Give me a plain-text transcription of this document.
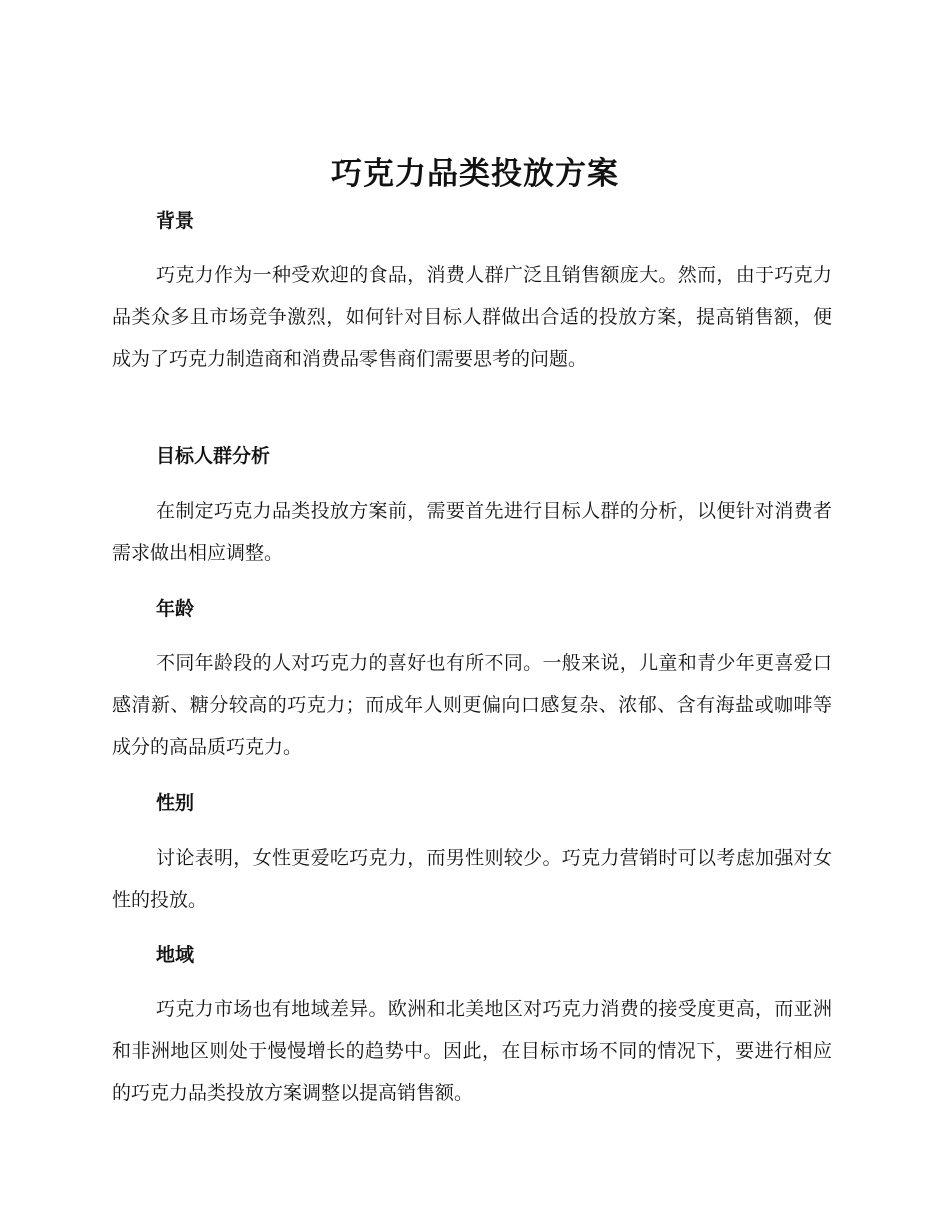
巧克力品类投放方案
背景

巧克力作为一种受欢迎的食品，消费人群广泛且销售额庞大。然而，由于巧克力品类众多且市场竞争激烈，如何针对目标人群做出合适的投放方案，提高销售额，便成为了巧克力制造商和消费品零售商们需要思考的问题。

目标人群分析

在制定巧克力品类投放方案前，需要首先进行目标人群的分析，以便针对消费者需求做出相应调整。

年龄

不同年龄段的人对巧克力的喜好也有所不同。一般来说，儿童和青少年更喜爱口感清新、糖分较高的巧克力；而成年人则更偏向口感复杂、浓郁、含有海盐或咖啡等成分的高品质巧克力。

性别

讨论表明，女性更爱吃巧克力，而男性则较少。巧克力营销时可以考虑加强对女性的投放。

地域

巧克力市场也有地域差异。欧洲和北美地区对巧克力消费的接受度更高，而亚洲和非洲地区则处于慢慢增长的趋势中。因此，在目标市场不同的情况下，要进行相应的巧克力品类投放方案调整以提高销售额。
